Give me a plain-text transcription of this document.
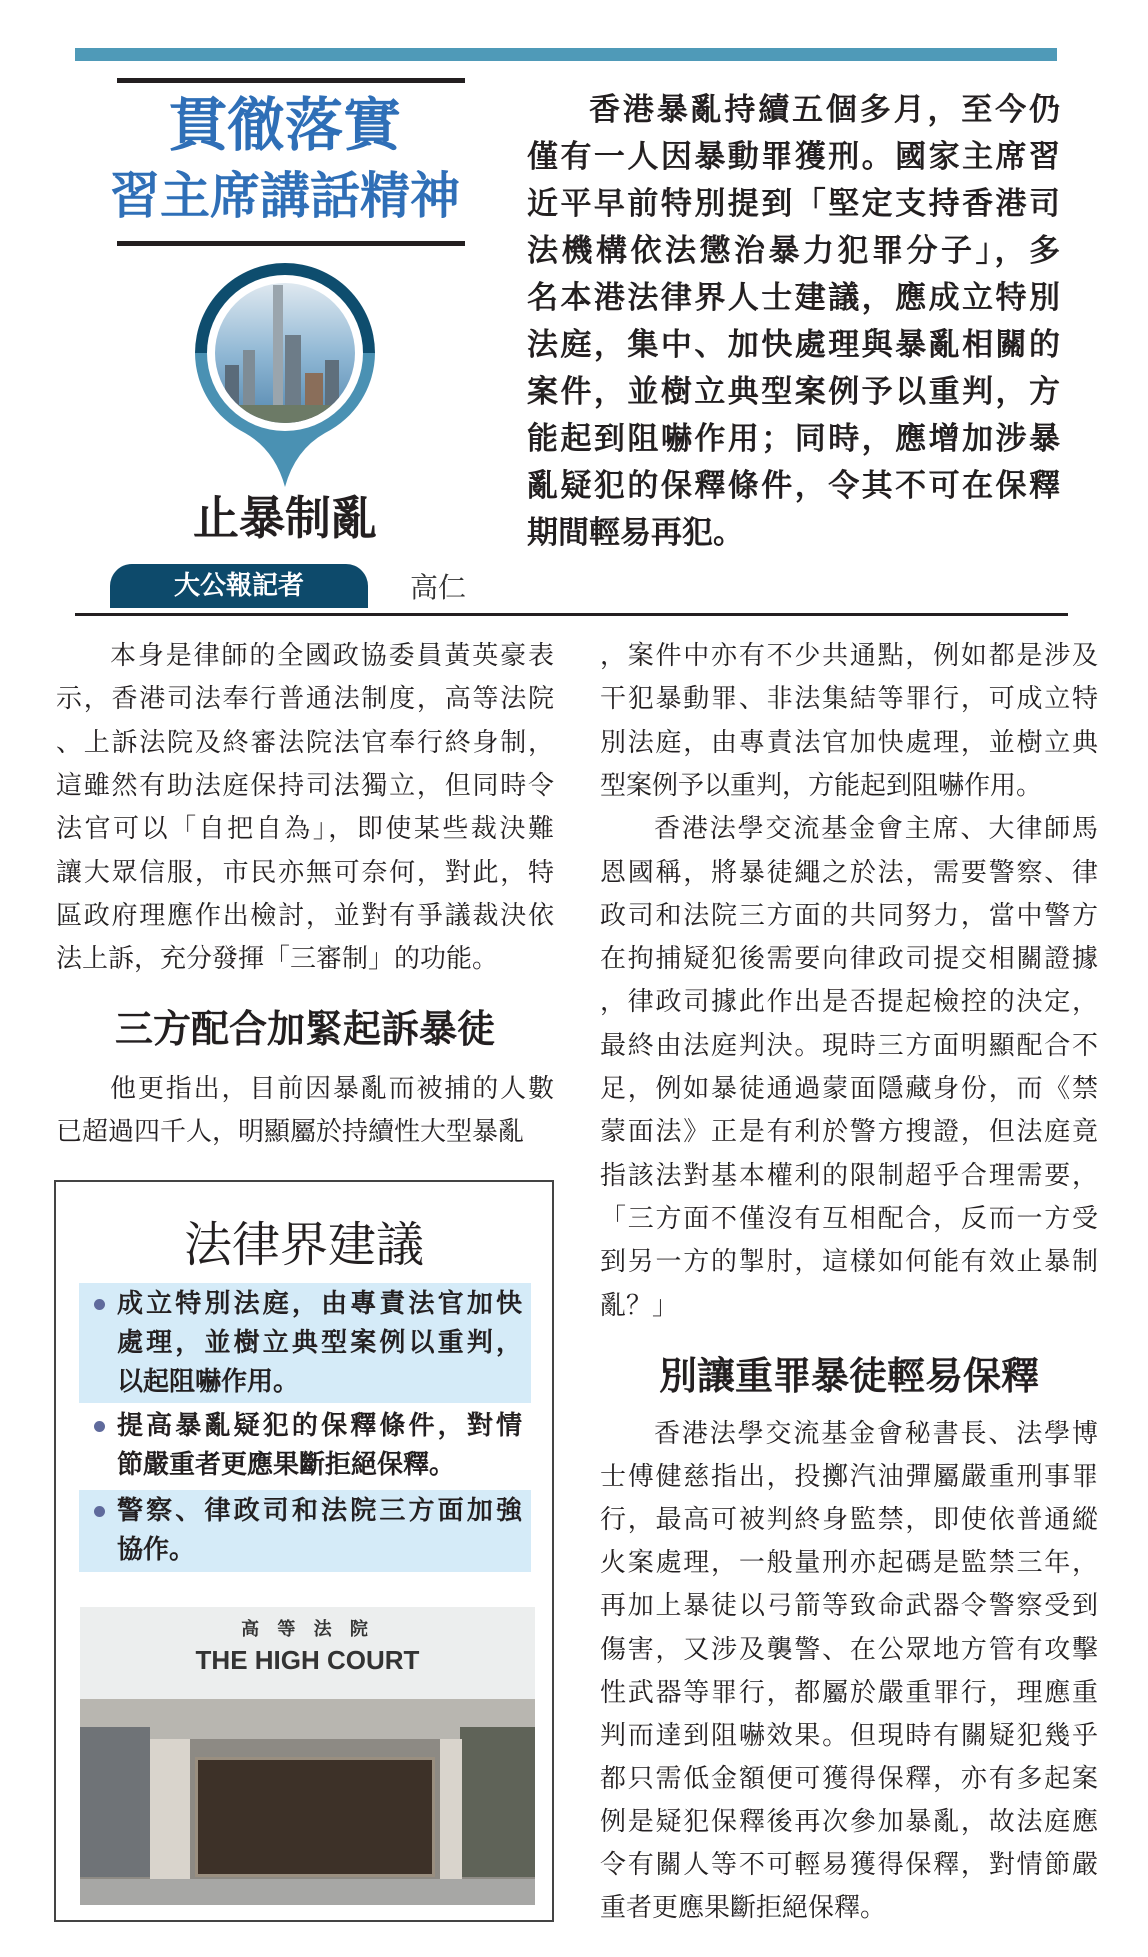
貫徹落實
習主席講話精神
止暴制亂
大公報記者	高仁
香港暴亂持續五個多月，至今仍
僅有一人因暴動罪獲刑。國家主席習
近平早前特別提到「堅定支持香港司
法機構依法懲治暴力犯罪分子」，多
名本港法律界人士建議，應成立特別
法庭，集中、加快處理與暴亂相關的
案件，並樹立典型案例予以重判，方
能起到阻嚇作用；同時，應增加涉暴
亂疑犯的保釋條件，令其不可在保釋
期間輕易再犯。
本身是律師的全國政協委員黃英豪表
示，香港司法奉行普通法制度，高等法院
、上訴法院及終審法院法官奉行終身制，
這雖然有助法庭保持司法獨立，但同時令
法官可以「自把自為」，即使某些裁決難
讓大眾信服，市民亦無可奈何，對此，特
區政府理應作出檢討，並對有爭議裁決依
法上訴，充分發揮「三審制」的功能。
三方配合加緊起訴暴徒
他更指出，目前因暴亂而被捕的人數
已超過四千人，明顯屬於持續性大型暴亂
，案件中亦有不少共通點，例如都是涉及
干犯暴動罪、非法集結等罪行，可成立特
別法庭，由專責法官加快處理，並樹立典
型案例予以重判，方能起到阻嚇作用。
香港法學交流基金會主席、大律師馬
恩國稱，將暴徒繩之於法，需要警察、律
政司和法院三方面的共同努力，當中警方
在拘捕疑犯後需要向律政司提交相關證據
，律政司據此作出是否提起檢控的決定，
最終由法庭判決。現時三方面明顯配合不
足，例如暴徒通過蒙面隱藏身份，而《禁
蒙面法》正是有利於警方搜證，但法庭竟
指該法對基本權利的限制超乎合理需要，
「三方面不僅沒有互相配合，反而一方受
到另一方的掣肘，這樣如何能有效止暴制
亂？」
別讓重罪暴徒輕易保釋
香港法學交流基金會秘書長、法學博
士傅健慈指出，投擲汽油彈屬嚴重刑事罪
行，最高可被判終身監禁，即使依普通縱
火案處理，一般量刑亦起碼是監禁三年，
再加上暴徒以弓箭等致命武器令警察受到
傷害，又涉及襲警、在公眾地方管有攻擊
性武器等罪行，都屬於嚴重罪行，理應重
判而達到阻嚇效果。但現時有關疑犯幾乎
都只需低金額便可獲得保釋，亦有多起案
例是疑犯保釋後再次參加暴亂，故法庭應
令有關人等不可輕易獲得保釋，對情節嚴
重者更應果斷拒絕保釋。
法律界建議
成立特別法庭，由專責法官加快
處理，並樹立典型案例以重判，
以起阻嚇作用。
提高暴亂疑犯的保釋條件，對情
節嚴重者更應果斷拒絕保釋。
警察、律政司和法院三方面加強
協作。
高 等 法 院
THE HIGH COURT
